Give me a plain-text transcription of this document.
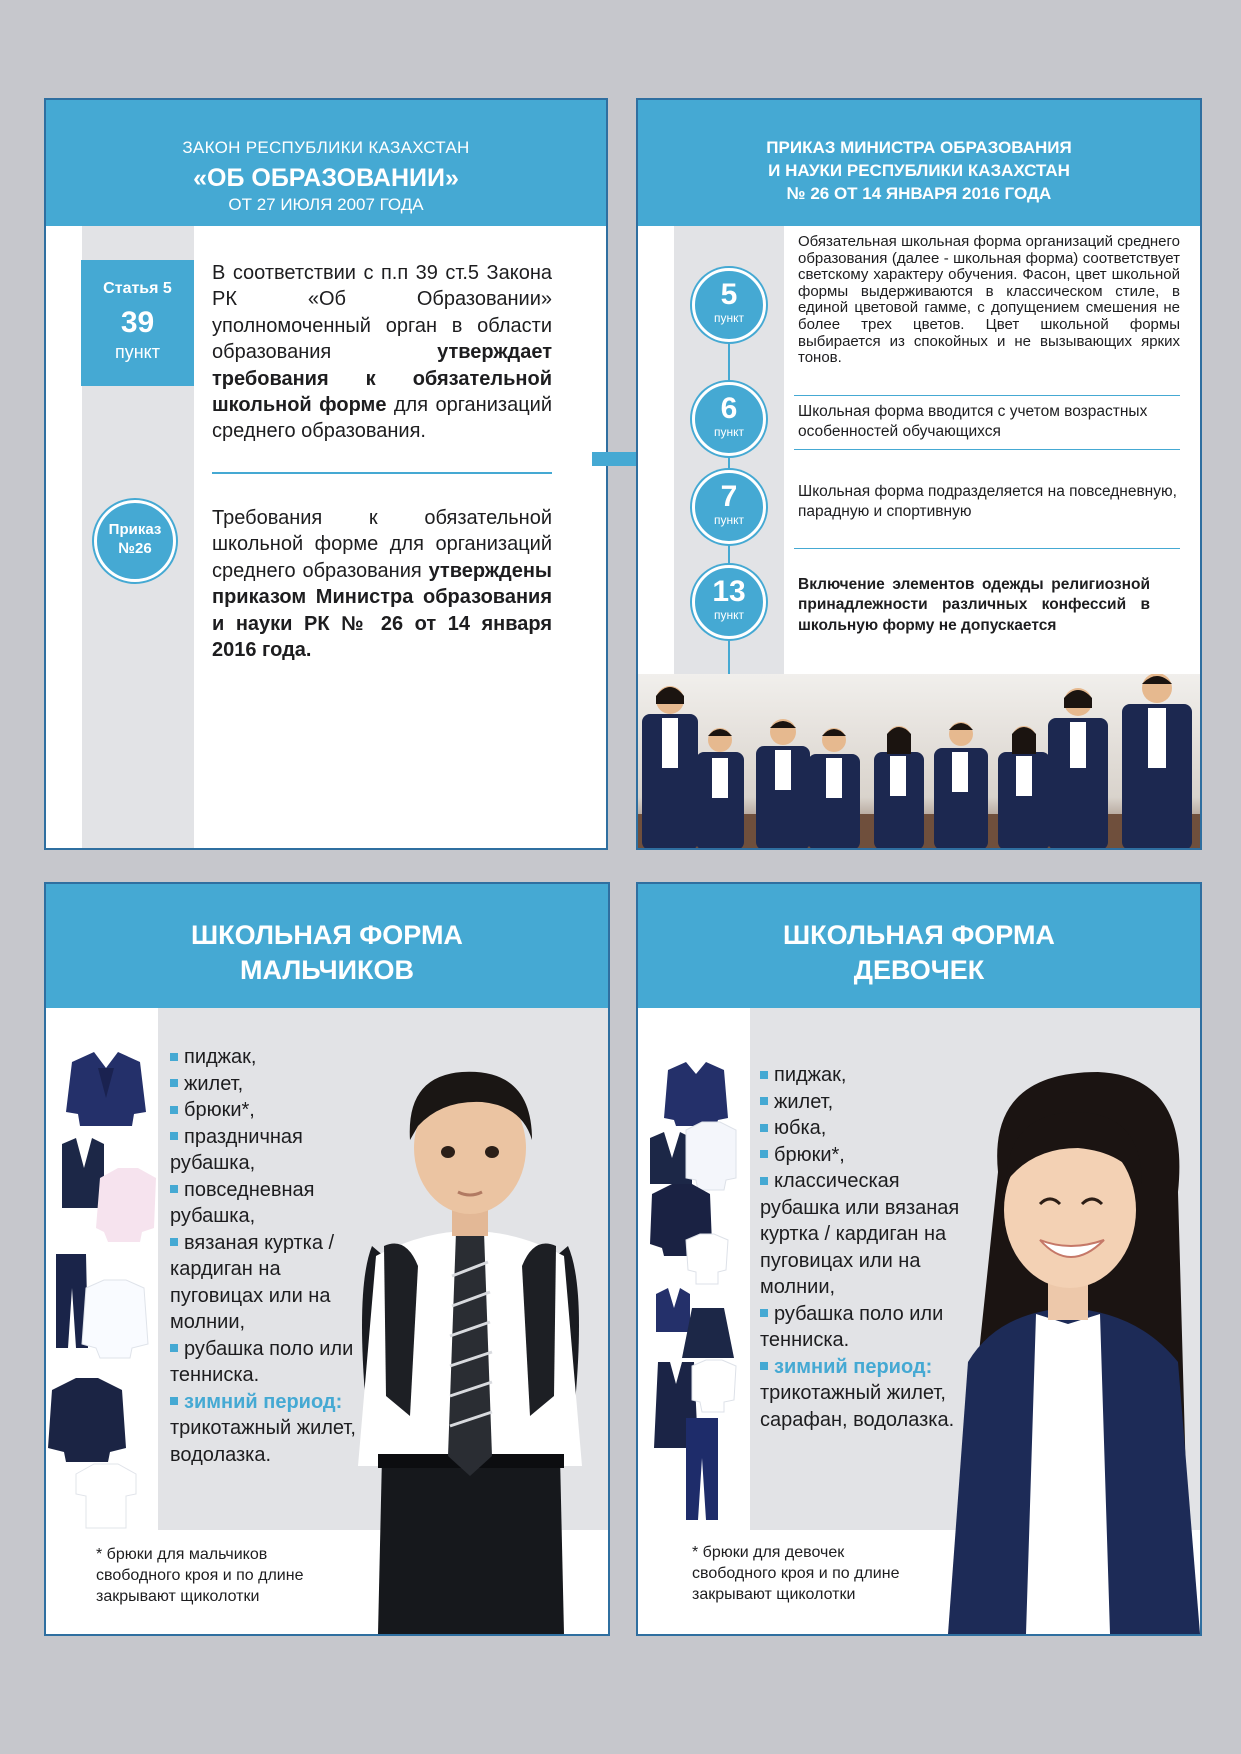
ЗАКОН РЕСПУБЛИКИ КАЗАХСТАН
«ОБ ОБРАЗОВАНИИ»
ОТ 27 ИЮЛЯ 2007 ГОДА
Статья 5
39
пункт
В соответствии с п.п 39 ст.5 Закона РК «Об Образовании» уполномоченный орган в области образования утверждает требования к обязательной школьной форме для организаций среднего образования.
Приказ
№26
Требования к обязательной школьной форме для организаций среднего образования утверждены приказом Министра образования и науки РК № 26 от 14 января 2016 года.
ПРИКАЗ МИНИСТРА ОБРАЗОВАНИЯ
И НАУКИ РЕСПУБЛИКИ КАЗАХСТАН
№ 26 ОТ 14 ЯНВАРЯ 2016 ГОДА
5
пункт
6
пункт
7
пункт
13
пункт
Обязательная школьная форма организаций среднего образования (далее - школьная форма) соответствует светскому характеру обучения. Фасон, цвет школьной формы выдерживаются в классическом стиле, в единой цветовой гамме, с допущением смешения не более трех цветов. Цвет школьной формы выбирается из спокойных и не вызывающих ярких тонов.
Школьная форма вводится с учетом возрастных особенностей обучающихся
Школьная форма подразделяется на повседневную, парадную и спортивную
Включение элементов одежды религиозной принадлежности различных конфессий в школьную форму не допускается
ШКОЛЬНАЯ ФОРМА
МАЛЬЧИКОВ
пиджак,
жилет,
брюки*,
праздничная рубашка,
повседневная рубашка,
вязаная куртка / кардиган на пуговицах или на молнии,
рубашка поло или тенниска.
зимний период:
трикотажный жилет, водолазка.
* брюки для мальчиков свободного кроя и по длине закрывают щиколотки
ШКОЛЬНАЯ ФОРМА
ДЕВОЧЕК
пиджак,
жилет,
юбка,
брюки*,
классическая рубашка или вязаная куртка / кардиган на пуговицах или на молнии,
рубашка поло или тенниска.
зимний период:
трикотажный жилет, сарафан, водолазка.
* брюки для девочек свободного кроя и по длине закрывают щиколотки
